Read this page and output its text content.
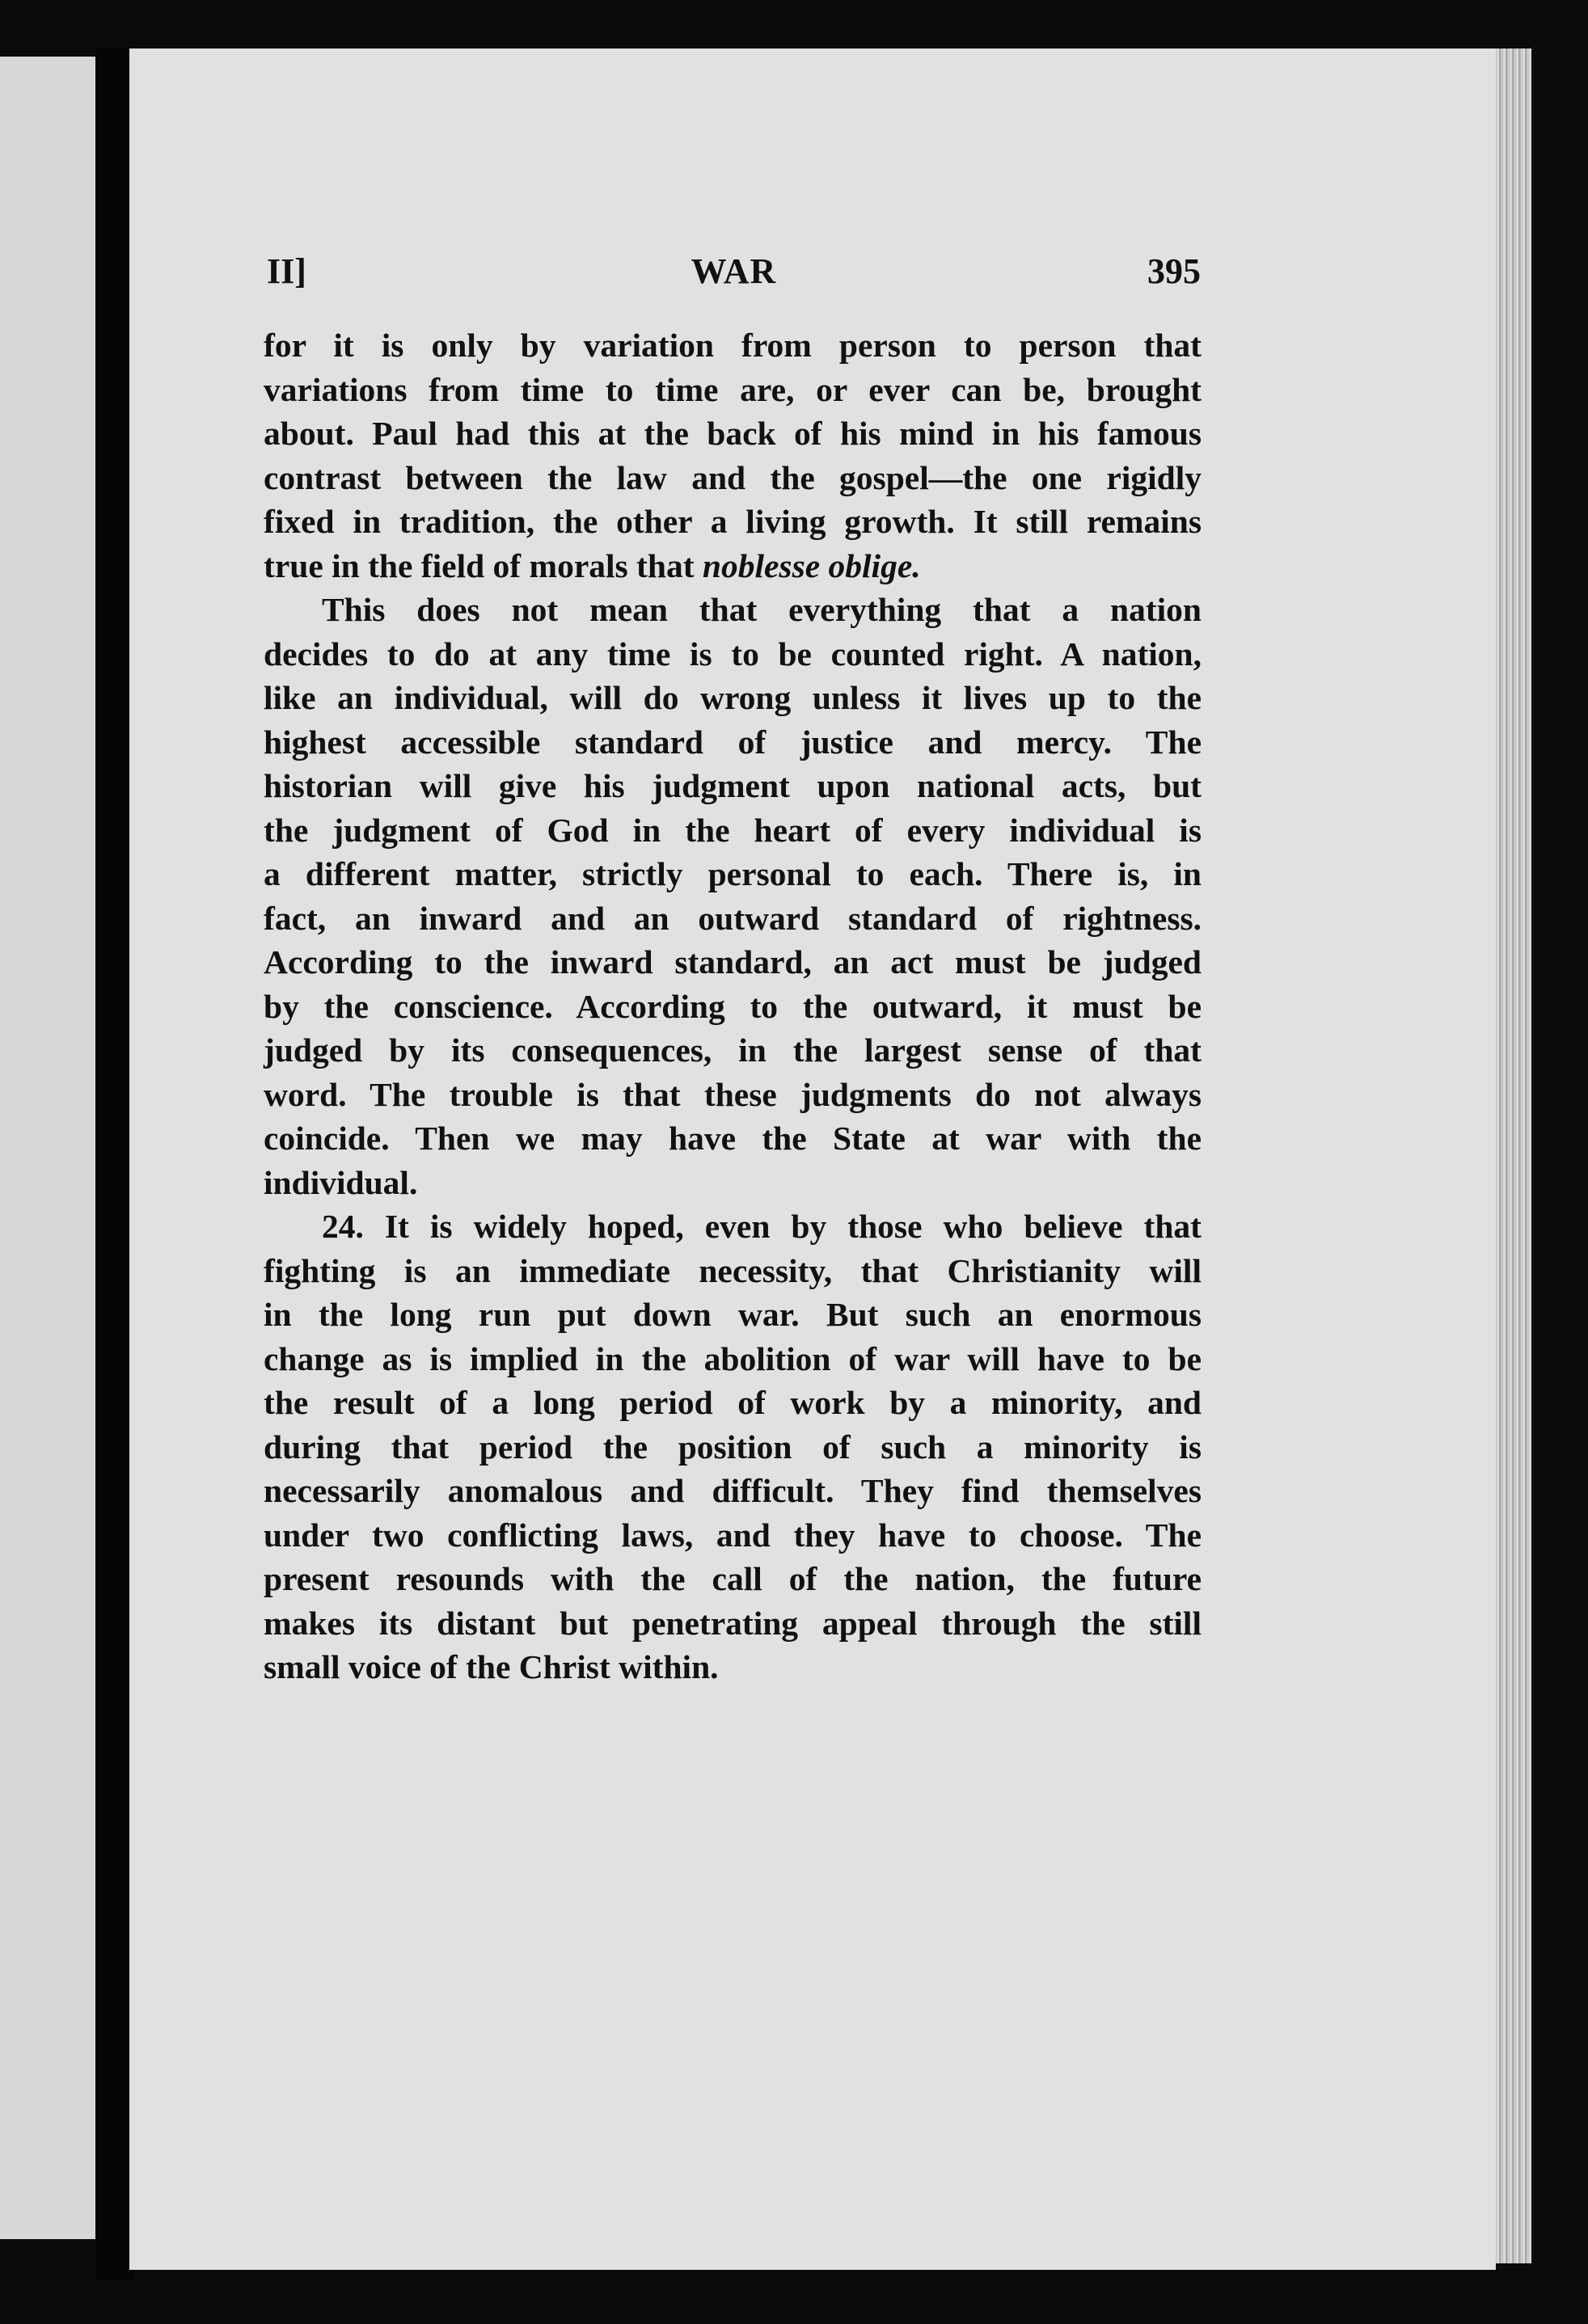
II]	WAR	395
for it is only by variation from person to person that
variations from time to time are, or ever can be, brought
about. Paul had this at the back of his mind in his famous
contrast between the law and the gospel—the one rigidly
fixed in tradition, the other a living growth. It still remains
true in the field of morals that noblesse oblige.
This does not mean that everything that a nation
decides to do at any time is to be counted right. A nation,
like an individual, will do wrong unless it lives up to the
highest accessible standard of justice and mercy. The
historian will give his judgment upon national acts, but
the judgment of God in the heart of every individual is
a different matter, strictly personal to each. There is, in
fact, an inward and an outward standard of rightness.
According to the inward standard, an act must be judged
by the conscience. According to the outward, it must be
judged by its consequences, in the largest sense of that
word. The trouble is that these judgments do not always
coincide. Then we may have the State at war with the
individual.
24. It is widely hoped, even by those who believe that
fighting is an immediate necessity, that Christianity will
in the long run put down war. But such an enormous
change as is implied in the abolition of war will have to be
the result of a long period of work by a minority, and
during that period the position of such a minority is
necessarily anomalous and difficult. They find themselves
under two conflicting laws, and they have to choose. The
present resounds with the call of the nation, the future
makes its distant but penetrating appeal through the still
small voice of the Christ within.
